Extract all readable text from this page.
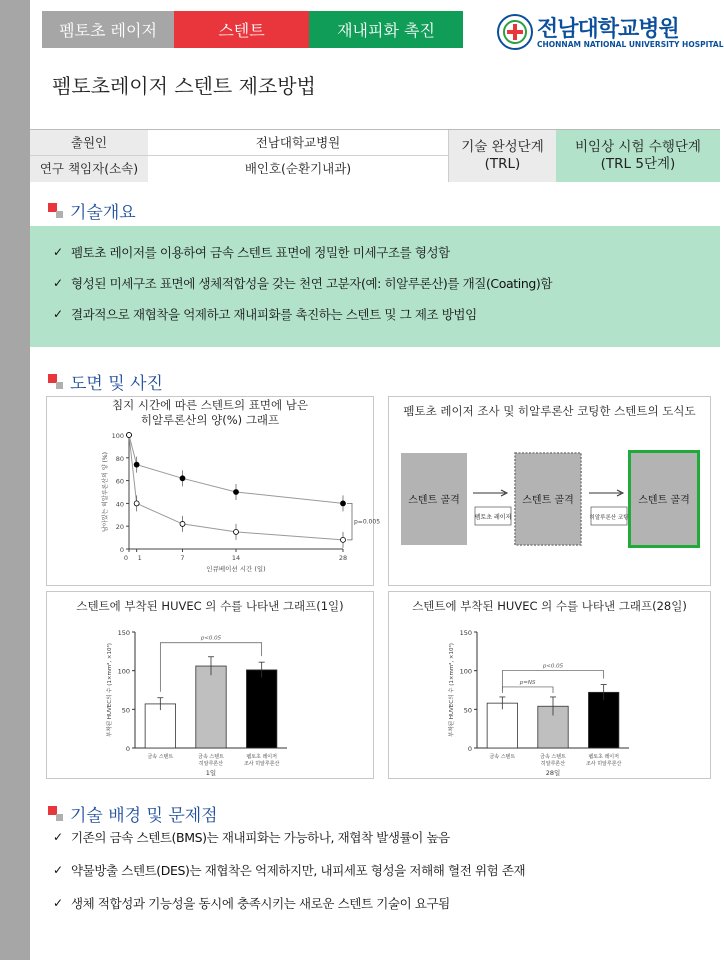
펨토초 레이저	스텐트	재내피화 촉진	전남대학교병원
CHONNAM NATIONAL UNIVERSITY HOSPITAL
펨토초레이저 스텐트 제조방법
출원인	전남대학교병원
연구 책임자(소속)	배인호(순환기내과)
기술 완성단계
(TRL)
비임상 시험 수행단계
(TRL 5단계)
기술개요
✓ 펨토초 레이저를 이용하여 금속 스텐트 표면에 정밀한 미세구조를 형성함
✓ 형성된 미세구조 표면에 생체적합성을 갖는 천연 고분자(예: 히알루론산)를 개질(Coating)함
✓ 결과적으로 재협착을 억제하고 재내피화를 촉진하는 스텐트 및 그 제조 방법임
도면 및 사진
침지 시간에 따른 스텐트의 표면에 남은
히알루론산의 양(%) 그래프
0
20
40
60
80
100
0 1	7	14	28
인큐베이션 시간 (일)
남아있는 히알루론산의 양 (%)	p=0.005
펨토초 레이저 조사 및 히알루론산 코팅한 스텐트의 도식도
스텐트 골격	스텐트 골격	스텐트 골격
펨토초 레이저	히알루론산 코팅
스텐트에 부착된 HUVEC 의 수를 나타낸 그래프(1일)
0
50
100
150
금속 스텐트	금속 스텐트
히알루론산
펨토초 레이저
조사 히알루론산
1일
부착된 HUVEC의 수 (1×mm², ×10³)
p<0.05
스텐트에 부착된 HUVEC 의 수를 나타낸 그래프(28일)
0
50
100
150
금속 스텐트	금속 스텐트
히알루론산
펨토초 레이저
조사 히알루론산
28일
부착된 HUVEC의 수 (1×mm², ×10³)	p<0.05
p=NS
기술 배경 및 문제점
✓ 기존의 금속 스텐트(BMS)는 재내피화는 가능하나, 재협착 발생률이 높음
✓ 약물방출 스텐트(DES)는 재협착은 억제하지만, 내피세포 형성을 저해해 혈전 위험 존재
✓ 생체 적합성과 기능성을 동시에 충족시키는 새로운 스텐트 기술이 요구됨
